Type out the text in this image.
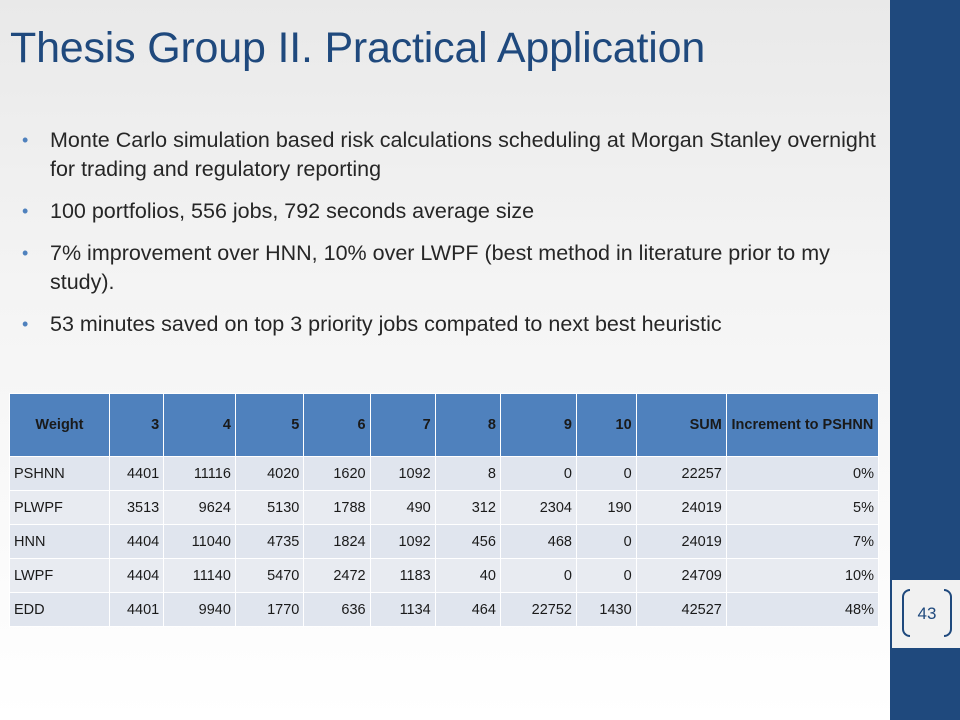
Thesis Group II. Practical Application
• Monte Carlo simulation based risk calculations scheduling at Morgan Stanley overnight for trading and regulatory reporting
• 100 portfolios, 556 jobs, 792 seconds average size
• 7% improvement over HNN, 10% over LWPF (best method in literature prior to my study).
• 53 minutes saved on top 3 priority jobs compated to next best heuristic
Weight	3	4	5	6	7	8	9	10	SUM	Increment to PSHNN
PSHNN	4401	11116	4020	1620	1092	8	0	0	22257	0%
PLWPF	3513	9624	5130	1788	490	312	2304	190	24019	5%
HNN	4404	11040	4735	1824	1092	456	468	0	24019	7%
LWPF	4404	11140	5470	2472	1183	40	0	0	24709	10%
EDD	4401	9940	1770	636	1134	464	22752	1430	42527	48%	43
